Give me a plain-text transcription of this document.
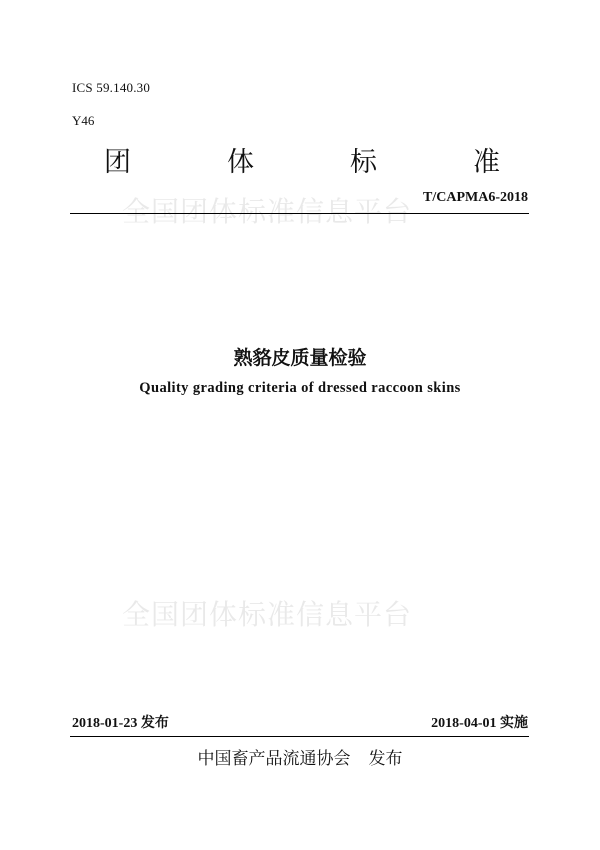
ICS 59.140.30
Y46
团	体	标	准
全国团体标准信息平台 T/CAPMA6-2018
熟貉皮质量检验
Quality grading criteria of dressed raccoon skins
全国团体标准信息平台
2018-01-23 发布	2018-04-01 实施
中国畜产品流通协会 发布
